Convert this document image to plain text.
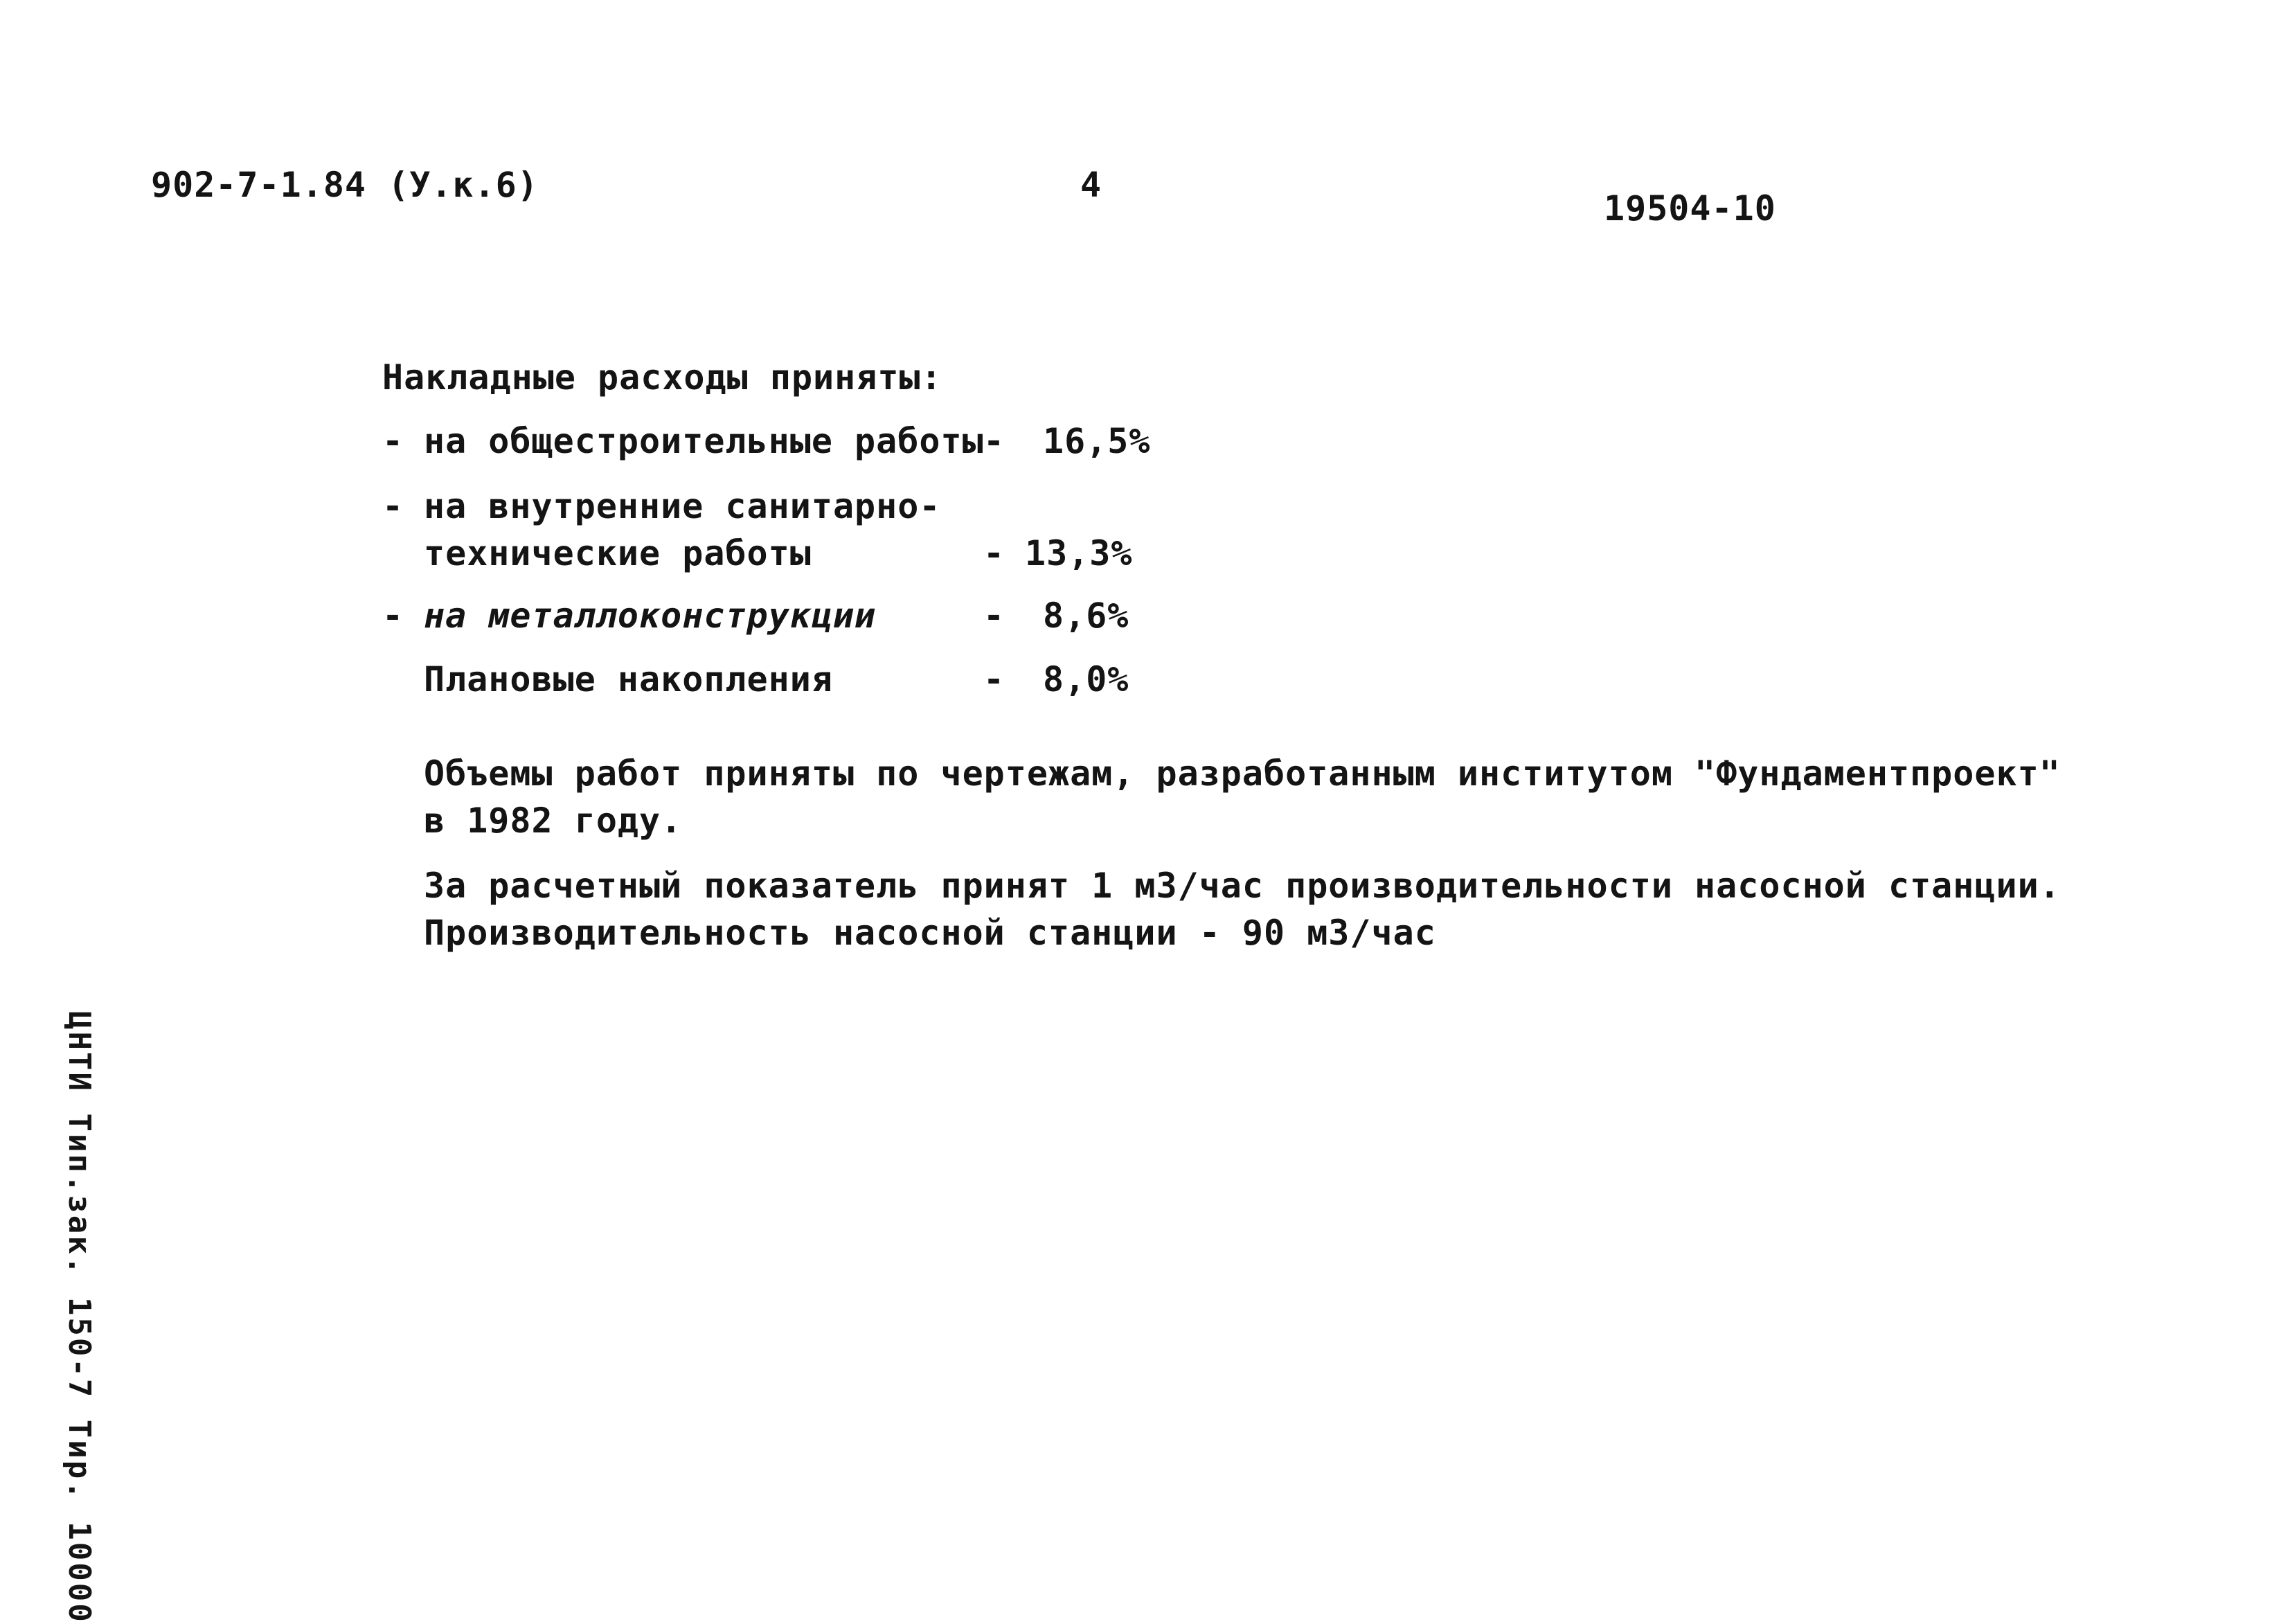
902-7-1.84 (У.к.6)	4
19504-10
Накладные расходы приняты:
- на общестроительные работы - 16,5%
- на внутренние санитарно-
технические работы	- 13,3%
- на металлоконструкции	- 8,6%
Плановые накопления	- 8,0%
Объемы работ приняты по чертежам, разработанным институтом "Фундаментпроект"
в 1982 году.
За расчетный показатель принят 1 м3/час производительности насосной станции.
Производительность насосной станции - 90 м3/час
ЦНТИ Тип.зак. 150-7 Тир. 10000
